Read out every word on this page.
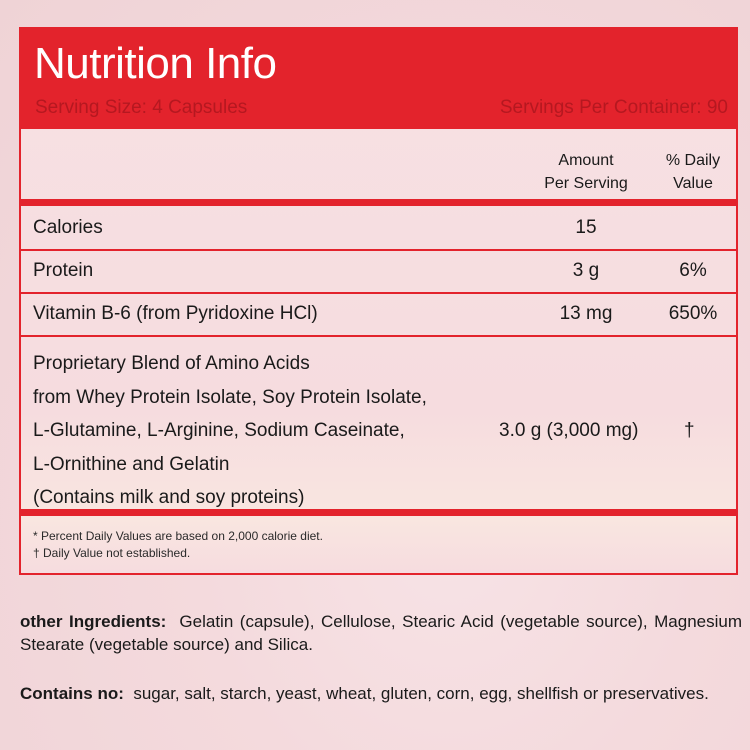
Nutrition Info
Serving Size: 4 Capsules	Servings Per Container: 90
Amount
Per Serving
% Daily
Value
Calories	15
Protein	3 g	6%
Vitamin B-6 (from Pyridoxine HCl)	13 mg	650%
Proprietary Blend of Amino Acids
from Whey Protein Isolate, Soy Protein Isolate,
L-Glutamine, L-Arginine, Sodium Caseinate,
L-Ornithine and Gelatin
(Contains milk and soy proteins)
3.0 g (3,000 mg) †
* Percent Daily Values are based on 2,000 calorie diet.
† Daily Value not established.
other Ingredients: Gelatin (capsule), Cellulose, Stearic Acid (vegetable source), Magnesium Stearate (vegetable source) and Silica.
Contains no: sugar, salt, starch, yeast, wheat, gluten, corn, egg, shellfish or preservatives.
